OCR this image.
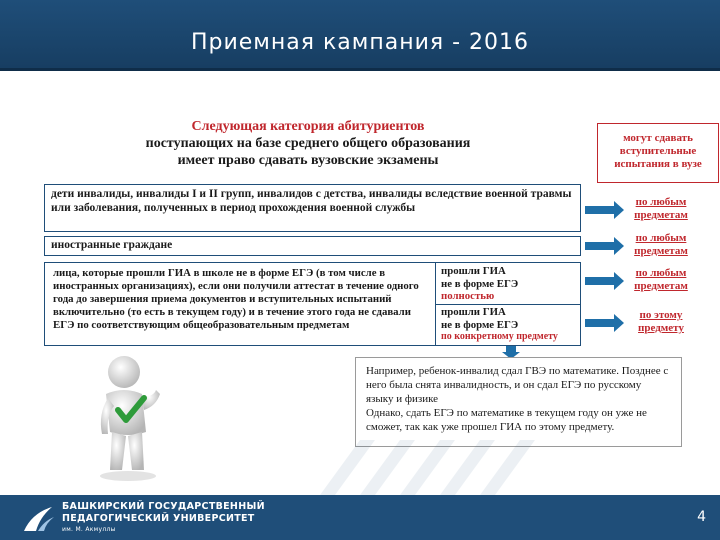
Приемная кампания - 2016
Следующая категория абитуриентов
поступающих на базе среднего общего образования
имеет право сдавать вузовские экзамены
могут сдавать вступительные испытания в вузе
дети инвалиды, инвалиды I и II групп, инвалидов с детства, инвалиды вследствие военной травмы или заболевания, полученных в период прохождения военной службы
иностранные граждане
лица, которые прошли ГИА в школе не в форме ЕГЭ (в том числе в иностранных организациях), если они получили аттестат в течение одного года до завершения приема документов и вступительных испытаний включительно (то есть в текущем году) и в течение этого года не сдавали ЕГЭ по соответствующим общеобразовательным предметам
прошли ГИА
не в форме ЕГЭ
полностью
прошли ГИА
не в форме ЕГЭ
по конкретному предмету
по любым предметам
по любым предметам
по любым предметам
по этому предмету
Например, ребенок-инвалид сдал ГВЭ по математике. Позднее с него была снята инвалидность, и он сдал ЕГЭ по русскому языку и физике
Однако, сдать ЕГЭ по математике в текущем году он уже не сможет, так как уже прошел ГИА по этому предмету.
БАШКИРСКИЙ ГОСУДАРСТВЕННЫЙ
ПЕДАГОГИЧЕСКИЙ УНИВЕРСИТЕТ
им. М. Акмуллы
4
